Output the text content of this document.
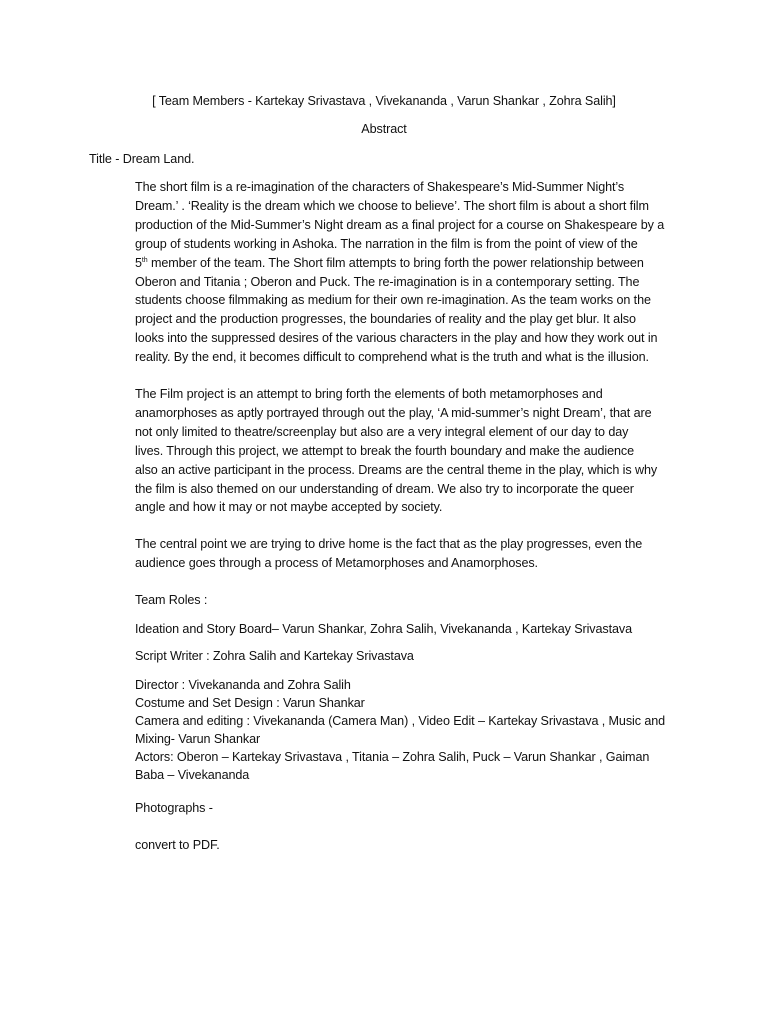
[ Team Members - Kartekay Srivastava , Vivekananda , Varun Shankar , Zohra Salih]
Abstract
Title - Dream Land.
The short film is a re-imagination of the characters of Shakespeare’s Mid-Summer Night’s
Dream.’ . ‘Reality is the dream which we choose to believe’. The short film is about a short film
production of the Mid-Summer’s Night dream as a final project for a course on Shakespeare by a
group of students working in Ashoka. The narration in the film is from the point of view of the
5th member of the team. The Short film attempts to bring forth the power relationship between
Oberon and Titania ; Oberon and Puck. The re-imagination is in a contemporary setting. The
students choose filmmaking as medium for their own re-imagination. As the team works on the
project and the production progresses, the boundaries of reality and the play get blur. It also
looks into the suppressed desires of the various characters in the play and how they work out in
reality. By the end, it becomes difficult to comprehend what is the truth and what is the illusion.
The Film project is an attempt to bring forth the elements of both metamorphoses and
anamorphoses as aptly portrayed through out the play, ‘A mid-summer’s night Dream’, that are
not only limited to theatre/screenplay but also are a very integral element of our day to day
lives. Through this project, we attempt to break the fourth boundary and make the audience
also an active participant in the process. Dreams are the central theme in the play, which is why
the film is also themed on our understanding of dream. We also try to incorporate the queer
angle and how it may or not maybe accepted by society.
The central point we are trying to drive home is the fact that as the play progresses, even the
audience goes through a process of Metamorphoses and Anamorphoses.
Team Roles :
Ideation and Story Board– Varun Shankar, Zohra Salih, Vivekananda , Kartekay Srivastava
Script Writer : Zohra Salih and Kartekay Srivastava
Director : Vivekananda and Zohra Salih
Costume and Set Design : Varun Shankar
Camera and editing : Vivekananda (Camera Man) , Video Edit – Kartekay Srivastava , Music and
Mixing- Varun Shankar
Actors: Oberon – Kartekay Srivastava , Titania – Zohra Salih, Puck – Varun Shankar , Gaiman
Baba – Vivekananda
Photographs -
convert to PDF.
